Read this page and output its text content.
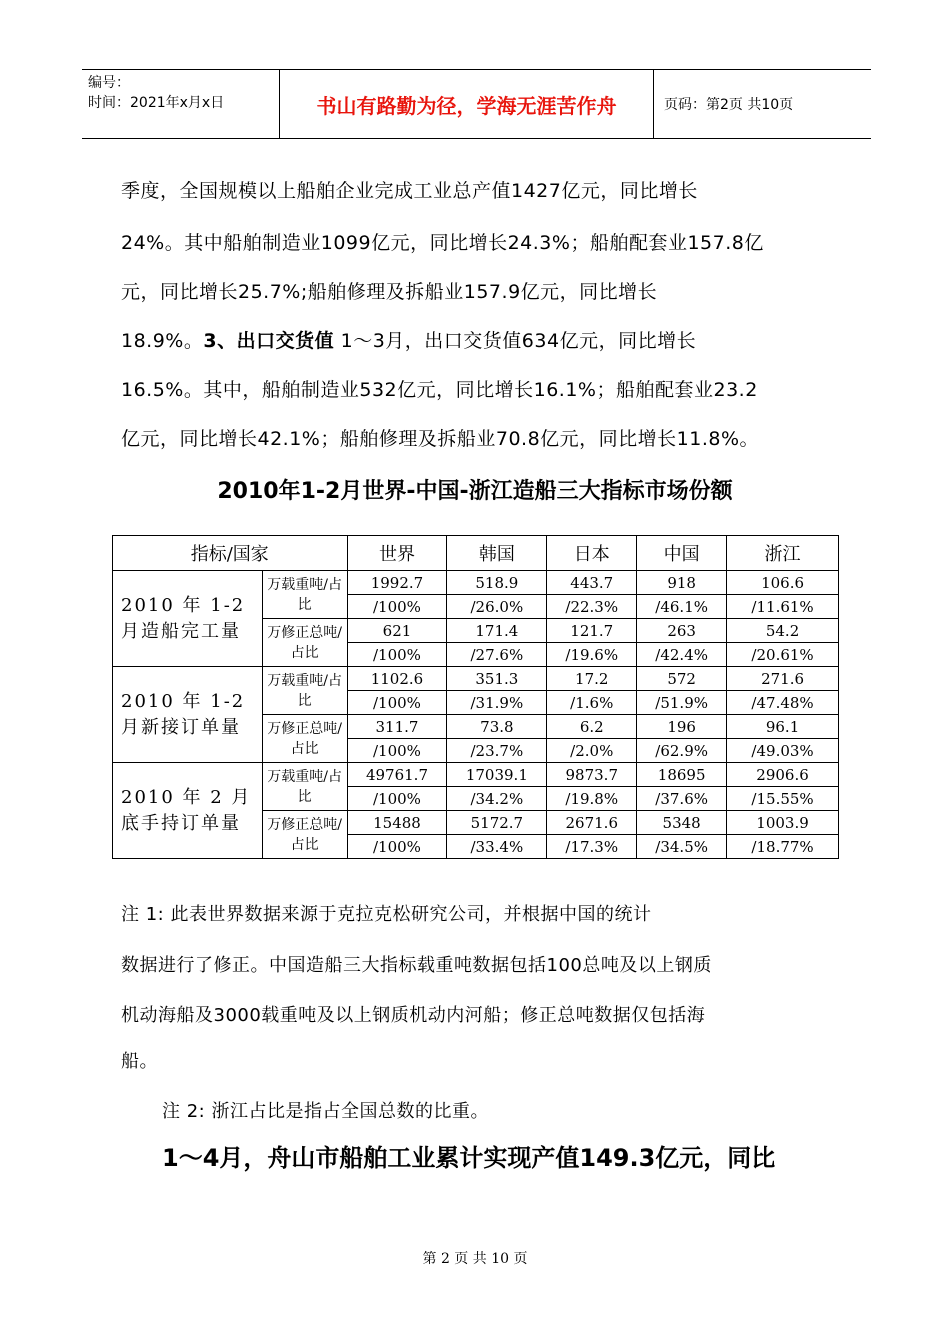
编号：
时间：2021年x月x日	书山有路勤为径，学海无涯苦作舟	页码：第2页 共10页
季度，全国规模以上船舶企业完成工业总产值1427亿元，同比增长
24%。其中船舶制造业1099亿元，同比增长24.3%；船舶配套业157.8亿
元，同比增长25.7%;船舶修理及拆船业157.9亿元，同比增长
18.9%。3、出口交货值 1～3月，出口交货值634亿元，同比增长
16.5%。其中，船舶制造业532亿元，同比增长16.1%；船舶配套业23.2
亿元，同比增长42.1%；船舶修理及拆船业70.8亿元，同比增长11.8%。
2010年1-2月世界-中国-浙江造船三大指标市场份额
指标/国家		世界	韩国	日本	中国	浙江
2010 年 1-2 月造船完工量	万载重吨/占比	1992.7	518.9	443.7	918	106.6
		/100%	/26.0%	/22.3%	/46.1%	/11.61%
	万修正总吨/占比	621	171.4	121.7	263	54.2
		/100%	/27.6%	/19.6%	/42.4%	/20.61%
2010 年 1-2 月新接订单量	万载重吨/占比	1102.6	351.3	17.2	572	271.6
		/100%	/31.9%	/1.6%	/51.9%	/47.48%
	万修正总吨/占比	311.7	73.8	6.2	196	96.1
		/100%	/23.7%	/2.0%	/62.9%	/49.03%
2010 年 2 月底手持订单量	万载重吨/占比	49761.7	17039.1	9873.7	18695	2906.6
		/100%	/34.2%	/19.8%	/37.6%	/15.55%
	万修正总吨/占比	15488	5172.7	2671.6	5348	1003.9
		/100%	/33.4%	/17.3%	/34.5%	/18.77%
注 1: 此表世界数据来源于克拉克松研究公司，并根据中国的统计
数据进行了修正。中国造船三大指标载重吨数据包括100总吨及以上钢质
机动海船及3000载重吨及以上钢质机动内河船；修正总吨数据仅包括海
船。
注 2: 浙江占比是指占全国总数的比重。
1～4月，舟山市船舶工业累计实现产值149.3亿元，同比
第 2 页 共 10 页
